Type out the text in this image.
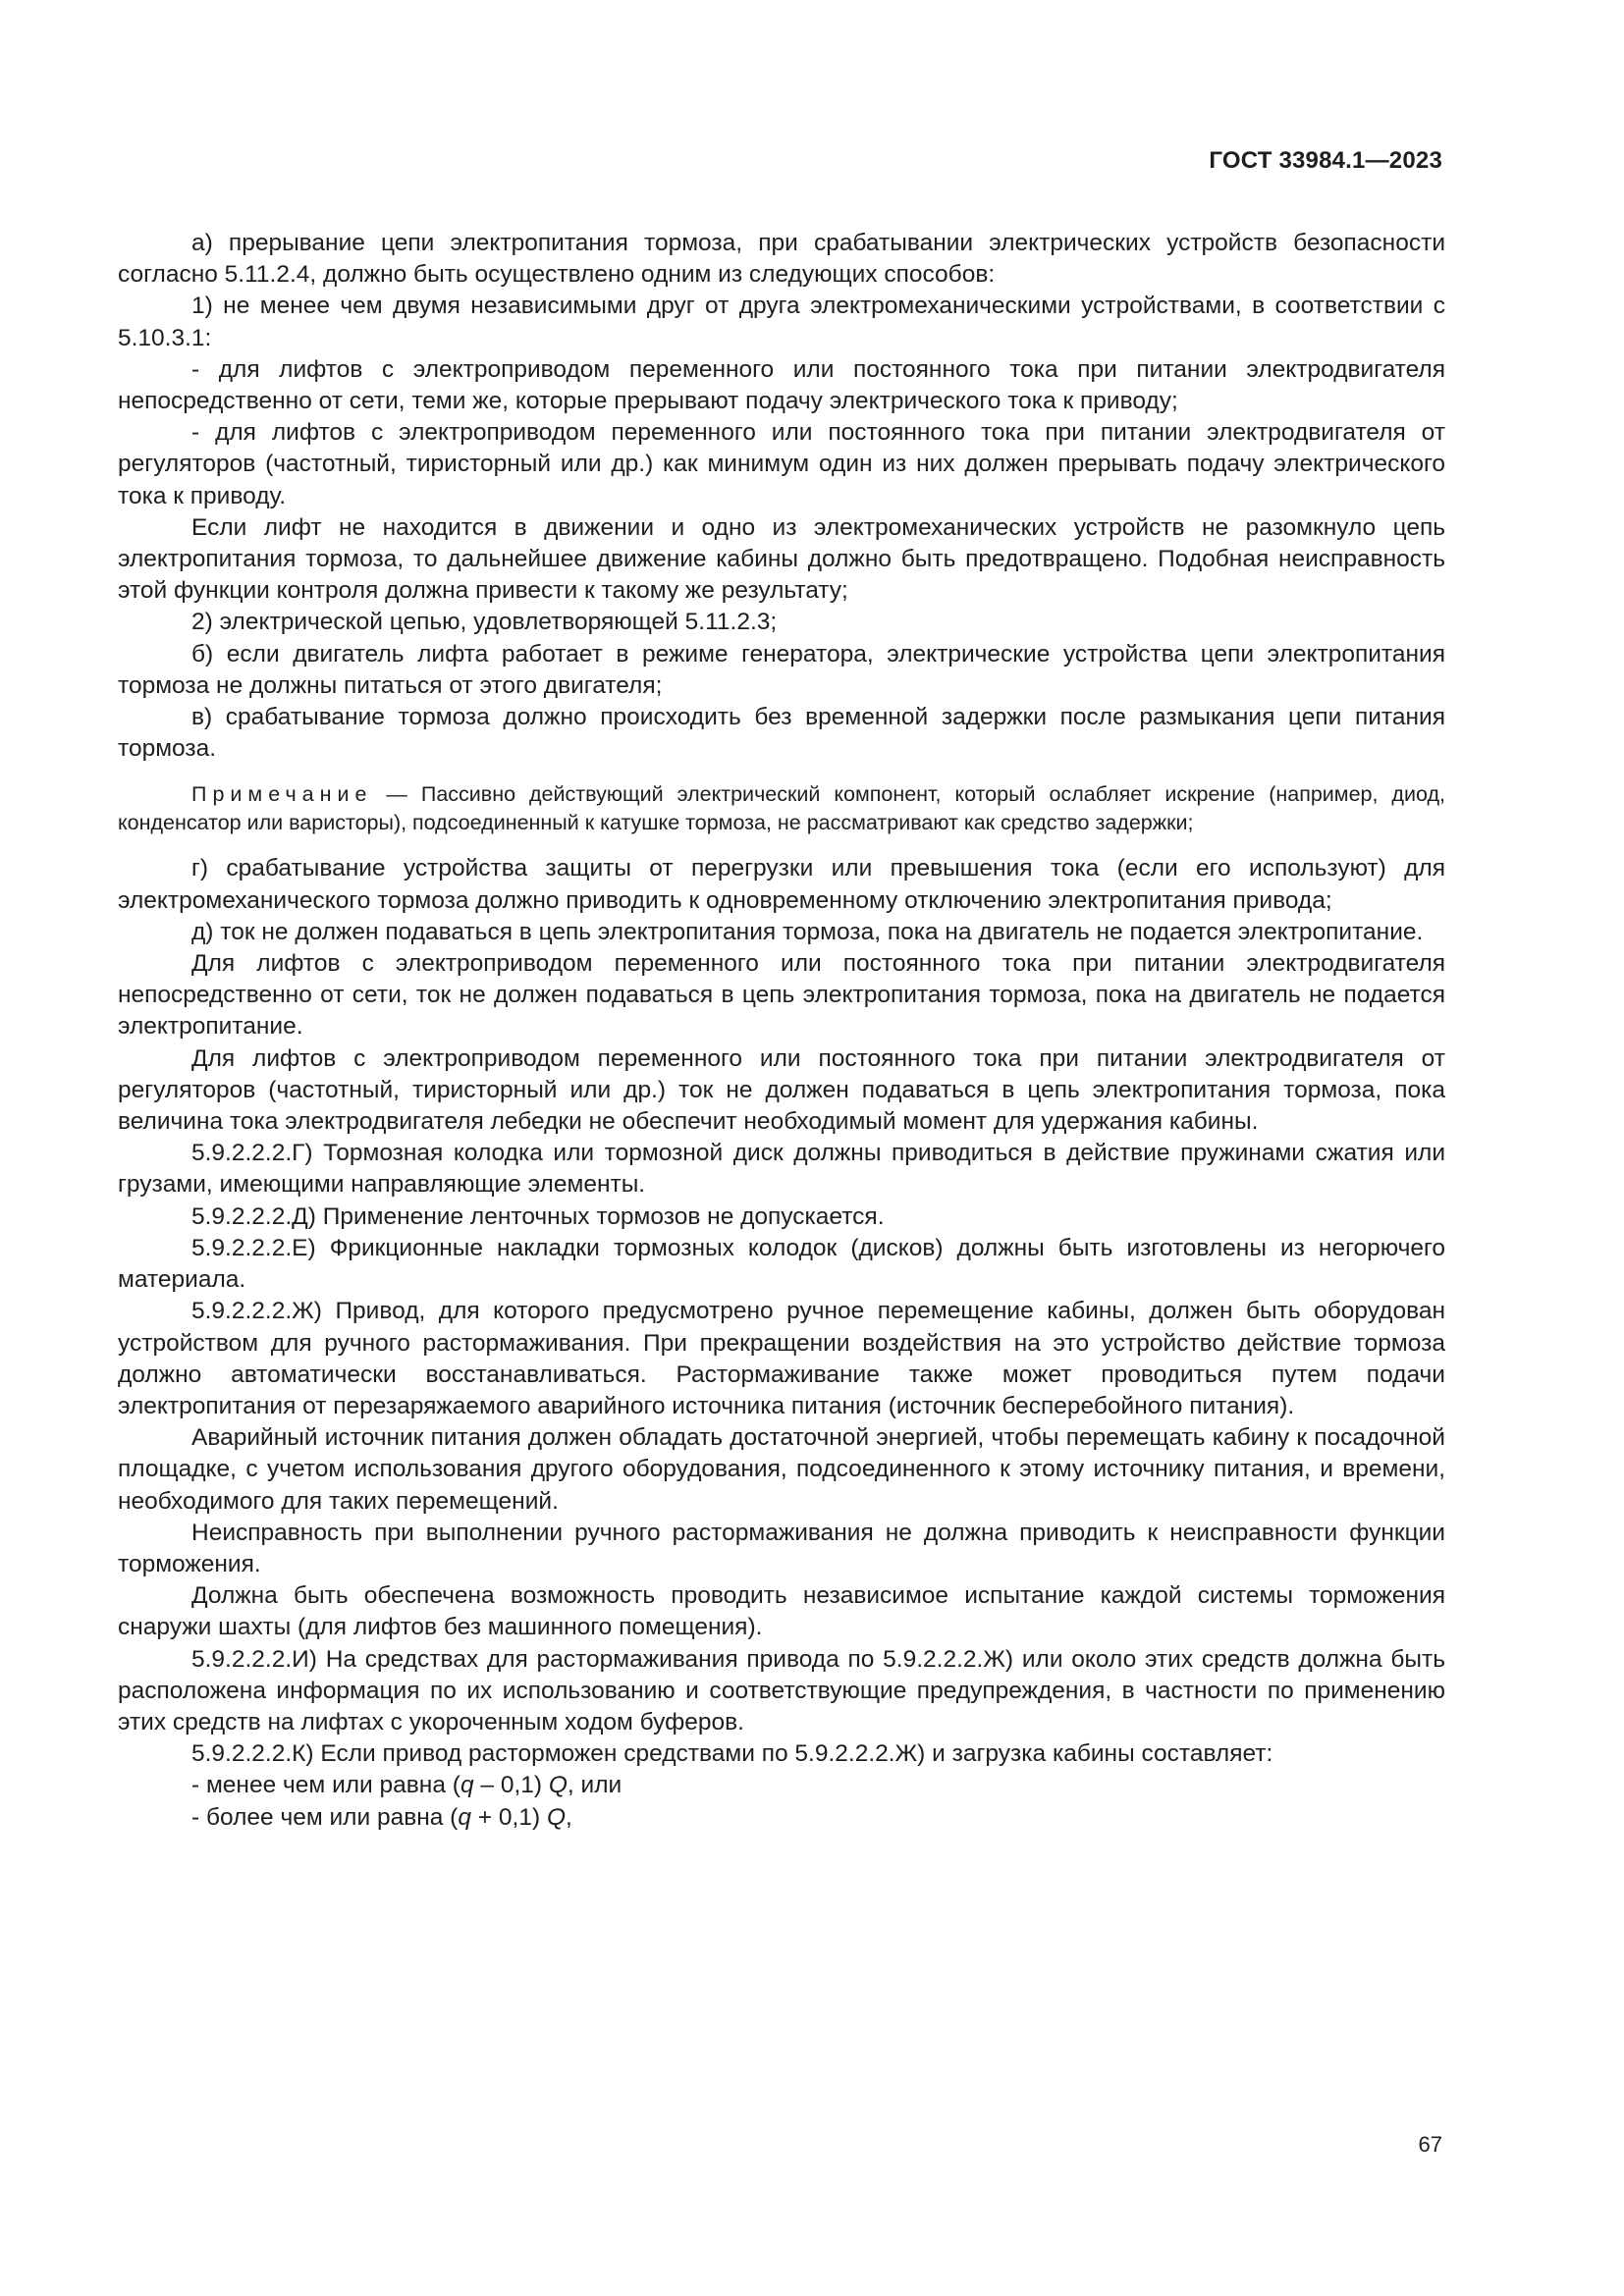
ГОСТ 33984.1—2023

а) прерывание цепи электропитания тормоза, при срабатывании электрических устройств безопасности согласно 5.11.2.4, должно быть осуществлено одним из следующих способов:

1) не менее чем двумя независимыми друг от друга электромеханическими устройствами, в соответствии с 5.10.3.1:

- для лифтов с электроприводом переменного или постоянного тока при питании электродвигателя непосредственно от сети, теми же, которые прерывают подачу электрического тока к приводу;

- для лифтов с электроприводом переменного или постоянного тока при питании электродвигателя от регуляторов (частотный, тиристорный или др.) как минимум один из них должен прерывать подачу электрического тока к приводу.

Если лифт не находится в движении и одно из электромеханических устройств не разомкнуло цепь электропитания тормоза, то дальнейшее движение кабины должно быть предотвращено. Подобная неисправность этой функции контроля должна привести к такому же результату;

2) электрической цепью, удовлетворяющей 5.11.2.3;

б) если двигатель лифта работает в режиме генератора, электрические устройства цепи электропитания тормоза не должны питаться от этого двигателя;

в) срабатывание тормоза должно происходить без временной задержки после размыкания цепи питания тормоза.

Примечание — Пассивно действующий электрический компонент, который ослабляет искрение (например, диод, конденсатор или варисторы), подсоединенный к катушке тормоза, не рассматривают как средство задержки;

г) срабатывание устройства защиты от перегрузки или превышения тока (если его используют) для электромеханического тормоза должно приводить к одновременному отключению электропитания привода;

д) ток не должен подаваться в цепь электропитания тормоза, пока на двигатель не подается электропитание.

Для лифтов с электроприводом переменного или постоянного тока при питании электродвигателя непосредственно от сети, ток не должен подаваться в цепь электропитания тормоза, пока на двигатель не подается электропитание.

Для лифтов с электроприводом переменного или постоянного тока при питании электродвигателя от регуляторов (частотный, тиристорный или др.) ток не должен подаваться в цепь электропитания тормоза, пока величина тока электродвигателя лебедки не обеспечит необходимый момент для удержания кабины.

5.9.2.2.2.Г) Тормозная колодка или тормозной диск должны приводиться в действие пружинами сжатия или грузами, имеющими направляющие элементы.

5.9.2.2.2.Д) Применение ленточных тормозов не допускается.

5.9.2.2.2.Е) Фрикционные накладки тормозных колодок (дисков) должны быть изготовлены из негорючего материала.

5.9.2.2.2.Ж) Привод, для которого предусмотрено ручное перемещение кабины, должен быть оборудован устройством для ручного растормаживания. При прекращении воздействия на это устройство действие тормоза должно автоматически восстанавливаться. Растормаживание также может проводиться путем подачи электропитания от перезаряжаемого аварийного источника питания (источник бесперебойного питания).

Аварийный источник питания должен обладать достаточной энергией, чтобы перемещать кабину к посадочной площадке, с учетом использования другого оборудования, подсоединенного к этому источнику питания, и времени, необходимого для таких перемещений.

Неисправность при выполнении ручного растормаживания не должна приводить к неисправности функции торможения.

Должна быть обеспечена возможность проводить независимое испытание каждой системы торможения снаружи шахты (для лифтов без машинного помещения).

5.9.2.2.2.И) На средствах для растормаживания привода по 5.9.2.2.2.Ж) или около этих средств должна быть расположена информация по их использованию и соответствующие предупреждения, в частности по применению этих средств на лифтах с укороченным ходом буферов.

5.9.2.2.2.К) Если привод расторможен средствами по 5.9.2.2.2.Ж) и загрузка кабины составляет:

- менее чем или равна (q – 0,1) Q, или

- более чем или равна (q + 0,1) Q,

67
